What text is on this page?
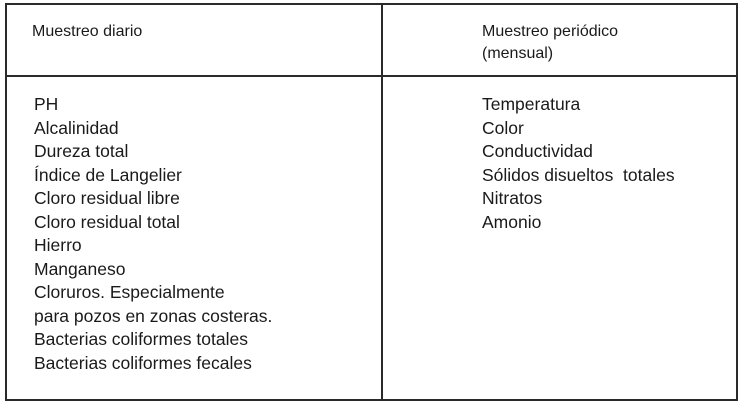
Muestreo diario	Muestreo periódico
(mensual)
PH
Alcalinidad
Dureza total
Índice de Langelier
Cloro residual libre
Cloro residual total
Hierro
Manganeso
Cloruros. Especialmente
para pozos en zonas costeras.
Bacterias coliformes totales
Bacterias coliformes fecales
Temperatura
Color
Conductividad
Sólidos disueltos  totales
Nitratos
Amonio
